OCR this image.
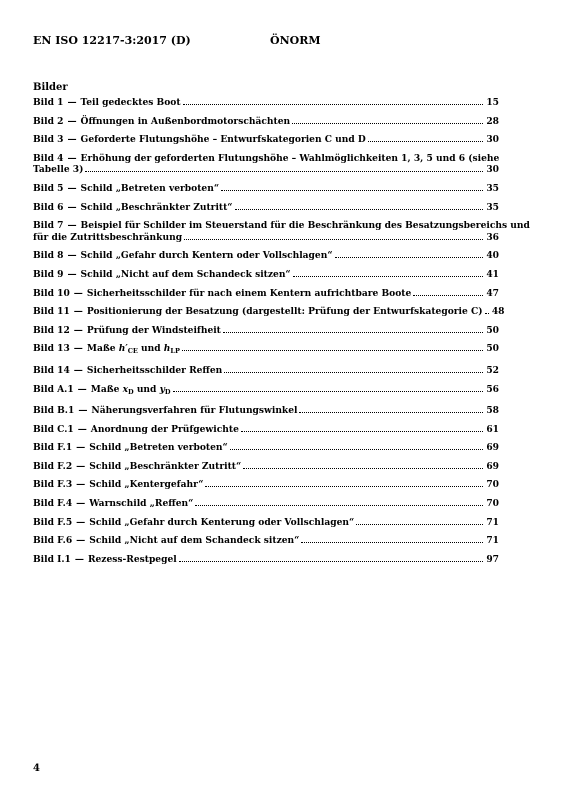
EN ISO 12217-3:2017 (D)	ÖNORM
Bilder
Bild 1 — Teil gedecktes Boot	15
Bild 2 — Öffnungen in Außenbordmotorschächten	28
Bild 3 — Geforderte Flutungshöhe – Entwurfskategorien C und D	30
Bild 4 — Erhöhung der geforderten Flutungshöhe – Wahlmöglichkeiten 1, 3, 5 und 6 (siehe
Tabelle 3)	30
Bild 5 — Schild „Betreten verboten“	35
Bild 6 — Schild „Beschränkter Zutritt“	35
Bild 7 — Beispiel für Schilder im Steuerstand für die Beschränkung des Besatzungsbereichs und
für die Zutrittsbeschränkung	36
Bild 8 — Schild „Gefahr durch Kentern oder Vollschlagen“	40
Bild 9 — Schild „Nicht auf dem Schandeck sitzen“	41
Bild 10 — Sicherheitsschilder für nach einem Kentern aufrichtbare Boote	47
Bild 11 — Positionierung der Besatzung (dargestellt: Prüfung der Entwurfskategorie C) 48
Bild 12 — Prüfung der Windsteifheit	50
Bild 13 — Maße $h'_{CE}$ und $h_{LP}$	50
Bild 14 — Sicherheitsschilder Reffen	52
Bild A.1 — Maße $x_D$ und $y_D$	56
Bild B.1 — Näherungsverfahren für Flutungswinkel	58
Bild C.1 — Anordnung der Prüfgewichte	61
Bild F.1 — Schild „Betreten verboten“	69
Bild F.2 — Schild „Beschränkter Zutritt“	69
Bild F.3 — Schild „Kentergefahr“	70
Bild F.4 — Warnschild „Reffen“	70
Bild F.5 — Schild „Gefahr durch Kenterung oder Vollschlagen“	71
Bild F.6 — Schild „Nicht auf dem Schandeck sitzen“	71
Bild I.1 — Rezess-Restpegel	97
4
